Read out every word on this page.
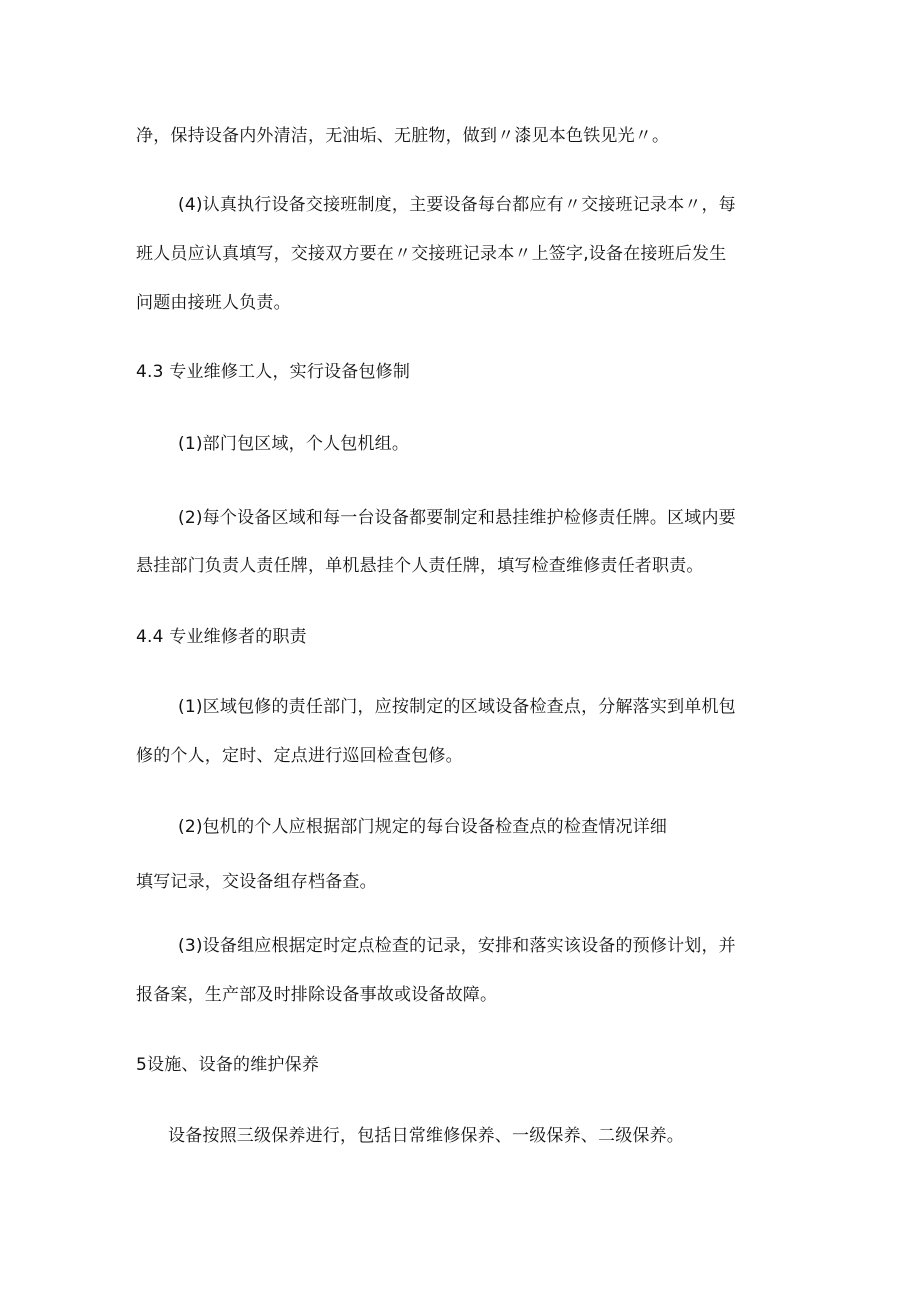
净，保持设备内外清洁，无油垢、无脏物，做到〃漆见本色铁见光〃。
(4)认真执行设备交接班制度，主要设备每台都应有〃交接班记录本〃，每
班人员应认真填写，交接双方要在〃交接班记录本〃上签字,设备在接班后发生
问题由接班人负责。
4.3 专业维修工人，实行设备包修制
(1)部门包区域，个人包机组。
(2)每个设备区域和每一台设备都要制定和悬挂维护检修责任牌。区域内要
悬挂部门负责人责任牌，单机悬挂个人责任牌，填写检查维修责任者职责。
4.4 专业维修者的职责
(1)区域包修的责任部门，应按制定的区域设备检查点，分解落实到单机包
修的个人，定时、定点进行巡回检查包修。
(2)包机的个人应根据部门规定的每台设备检查点的检查情况详细
填写记录，交设备组存档备查。
(3)设备组应根据定时定点检查的记录，安排和落实该设备的预修计划，并
报备案，生产部及时排除设备事故或设备故障。
5设施、设备的维护保养
设备按照三级保养进行，包括日常维修保养、一级保养、二级保养。
